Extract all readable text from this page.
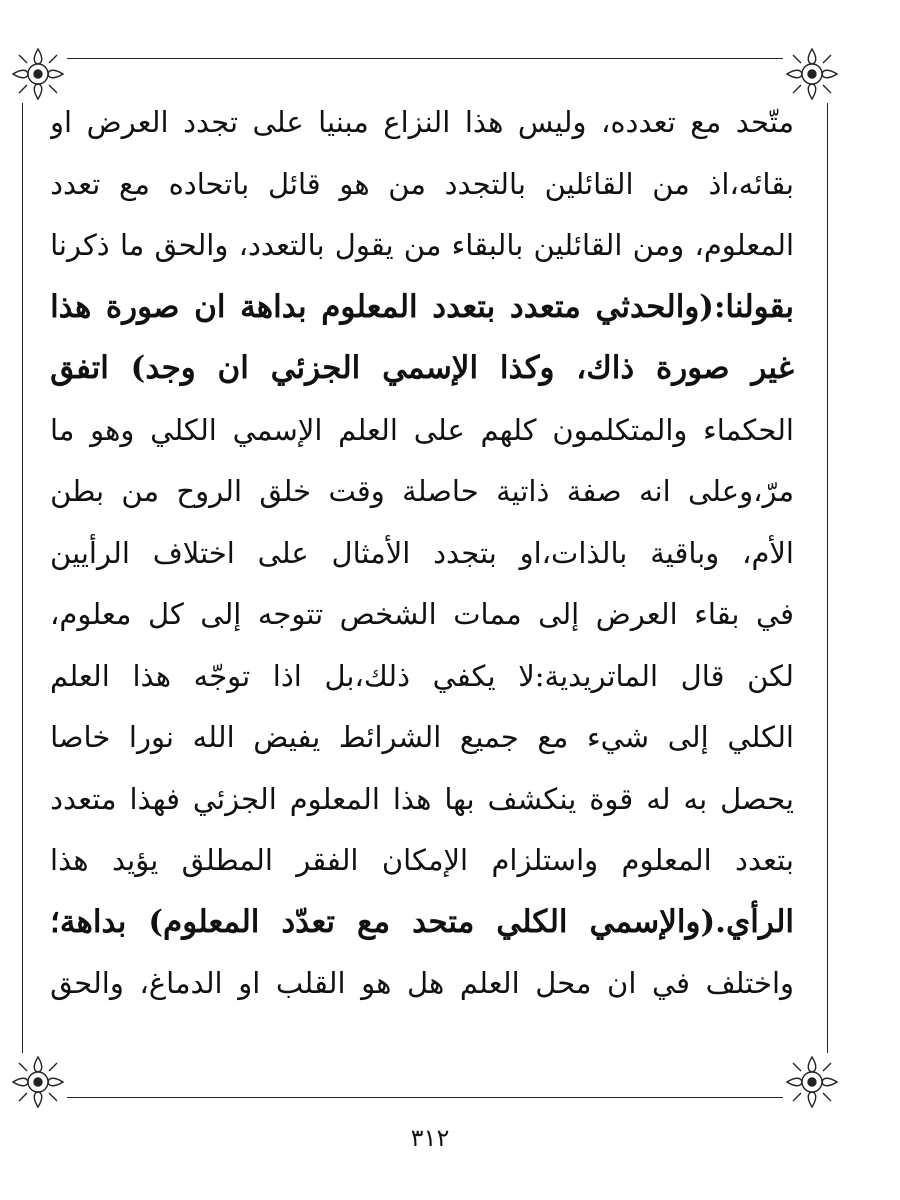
متّحد
مع
تعدده،
وليس
هذا
النزاع
مبنيا
على
تجدد
العرض
او
بقائه،اذ
من
القائلين
بالتجدد
من
هو
قائل
باتحاده
مع
تعدد
المعلوم،
ومن
القائلين
بالبقاء
من
يقول
بالتعدد،
والحق
ما
ذكرنا
بقولنا:(والحدثي
متعدد
بتعدد
المعلوم
بداهة
ان
صورة
هذا
غير
صورة
ذاك،
وكذا
الإسمي
الجزئي
ان
وجد)
اتفق
الحكماء
والمتكلمون
كلهم
على
العلم
الإسمي
الكلي
وهو
ما
مرّ،وعلى
انه
صفة
ذاتية
حاصلة
وقت
خلق
الروح
من
بطن
الأم،
وباقية
بالذات،او
بتجدد
الأمثال
على
اختلاف
الرأيين
في
بقاء
العرض
إلى
ممات
الشخص
تتوجه
إلى
كل
معلوم،
لكن
قال
الماتريدية:لا
يكفي
ذلك،بل
اذا
توجّه
هذا
العلم
الكلي
إلى
شيء
مع
جميع
الشرائط
يفيض
الله
نورا
خاصا
يحصل
به
له
قوة
ينكشف
بها
هذا
المعلوم
الجزئي
فهذا
متعدد
بتعدد
المعلوم
واستلزام
الإمكان
الفقر
المطلق
يؤيد
هذا
الرأي.(والإسمي
الكلي
متحد
مع
تعدّد
المعلوم)
بداهة؛
واختلف
في
ان
محل
العلم
هل
هو
القلب
او
الدماغ،
والحق
٣١٢
